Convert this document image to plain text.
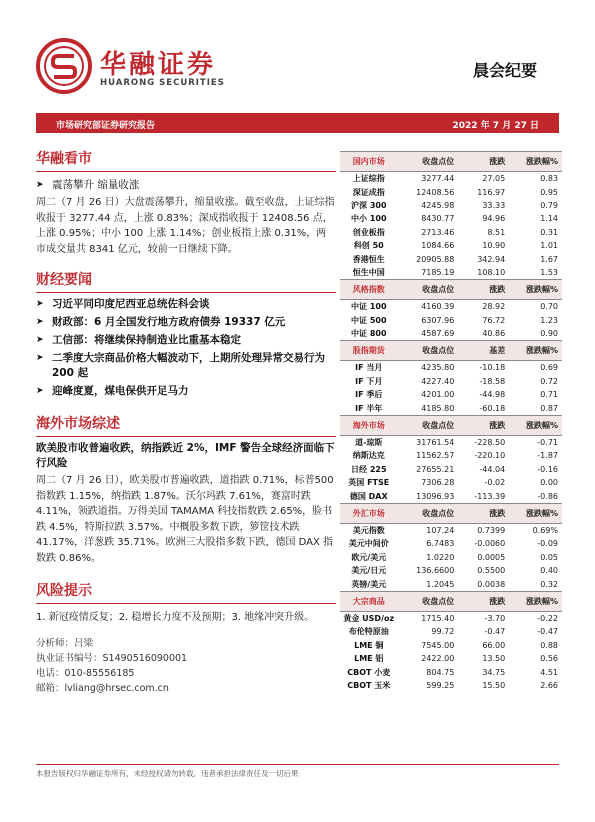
华融证券
HUARONG SECURITIES
晨会纪要
市场研究部证券研究报告	2022 年 7 月 27 日
华融看市
➤ 震荡攀升 缩量收涨
周二（7 月 26 日）大盘震荡攀升，缩量收涨。截至收盘，上证综指收报于 3277.44 点，上涨 0.83%；深成指收报于 12408.56 点，上涨 0.95%；中小 100 上涨 1.14%；创业板指上涨 0.31%，两市成交量共 8341 亿元，较前一日继续下降。
财经要闻
➤ 习近平同印度尼西亚总统佐科会谈
➤ 财政部：6 月全国发行地方政府债券 19337 亿元
➤ 工信部：将继续保持制造业比重基本稳定
➤ 二季度大宗商品价格大幅波动下，上期所处理异常交易行为 200 起
➤ 迎峰度夏，煤电保供开足马力
海外市场综述
欧美股市收普遍收跌，纳指跌近 2%，IMF 警告全球经济面临下行风险
周二（7 月 26 日），欧美股市普遍收跌，道指跌 0.71%，标普500指数跌 1.15%，纳指跌 1.87%。沃尔玛跌 7.61%，赛富时跌 4.11%，领跌道指。万得美国 TAMAMA 科技指数跌 2.65%，脸书跌 4.5%，特斯拉跌 3.57%。中概股多数下跌，箩筐技术跌 41.17%，洋葱跌 35.71%。欧洲三大股指多数下跌，德国 DAX 指数跌 0.86%。
风险提示
1. 新冠疫情反复；2. 稳增长力度不及预期；3. 地缘冲突升级。
分析师：吕梁
执业证书编号：S1490516090001
电话：010-85556185
邮箱：lvliang@hrsec.com.cn
国内市场	收盘点位	涨跌	涨跌幅%
上证综指	3277.44	27.05	0.83
深证成指	12408.56	116.97	0.95
沪深 300	4245.98	33.33	0.79
中小 100	8430.77	94.96	1.14
创业板指	2713.46	8.51	0.31
科创 50	1084.66	10.90	1.01
香港恒生	20905.88	342.94	1.67
恒生中国	7185.19	108.10	1.53
风格指数	收盘点位	涨跌	涨跌幅%
中证 100	4160.39	28.92	0.70
中证 500	6307.96	76.72	1.23
中证 800	4587.69	40.86	0.90
股指期货	收盘点位	基差	涨跌幅%
IF 当月	4235.80	-10.18	0.69
IF 下月	4227.40	-18.58	0.72
IF 季后	4201.00	-44.98	0.71
IF 半年	4185.80	-60.18	0.87
海外市场	收盘点位	涨跌	涨跌幅%
道-琼斯	31761.54	-228.50	-0.71
纳斯达克	11562.57	-220.10	-1.87
日经 225	27655.21	-44.04	-0.16
英国 FTSE	7306.28	-0.02	0.00
德国 DAX	13096.93	-113.39	-0.86
外汇市场	收盘点位	涨跌	涨跌幅%
美元指数	107.24	0.7399	0.69%
美元中间价	6.7483	-0.0060	-0.09
欧元/美元	1.0220	0.0005	0.05
美元/日元	136.6600	0.5500	0.40
英镑/美元	1.2045	0.0038	0.32
大宗商品	收盘点位	涨跌	涨跌幅%
黄金 USD/oz	1715.40	-3.70	-0.22
布伦特原油	99.72	-0.47	-0.47
LME 铜	7545.00	66.00	0.88
LME 铝	2422.00	13.50	0.56
CBOT 小麦	804.75	34.75	4.51
CBOT 玉米	599.25	15.50	2.66
本报告版权归华融证券所有，未经授权请勿转载，违者承担法律责任及一切后果
